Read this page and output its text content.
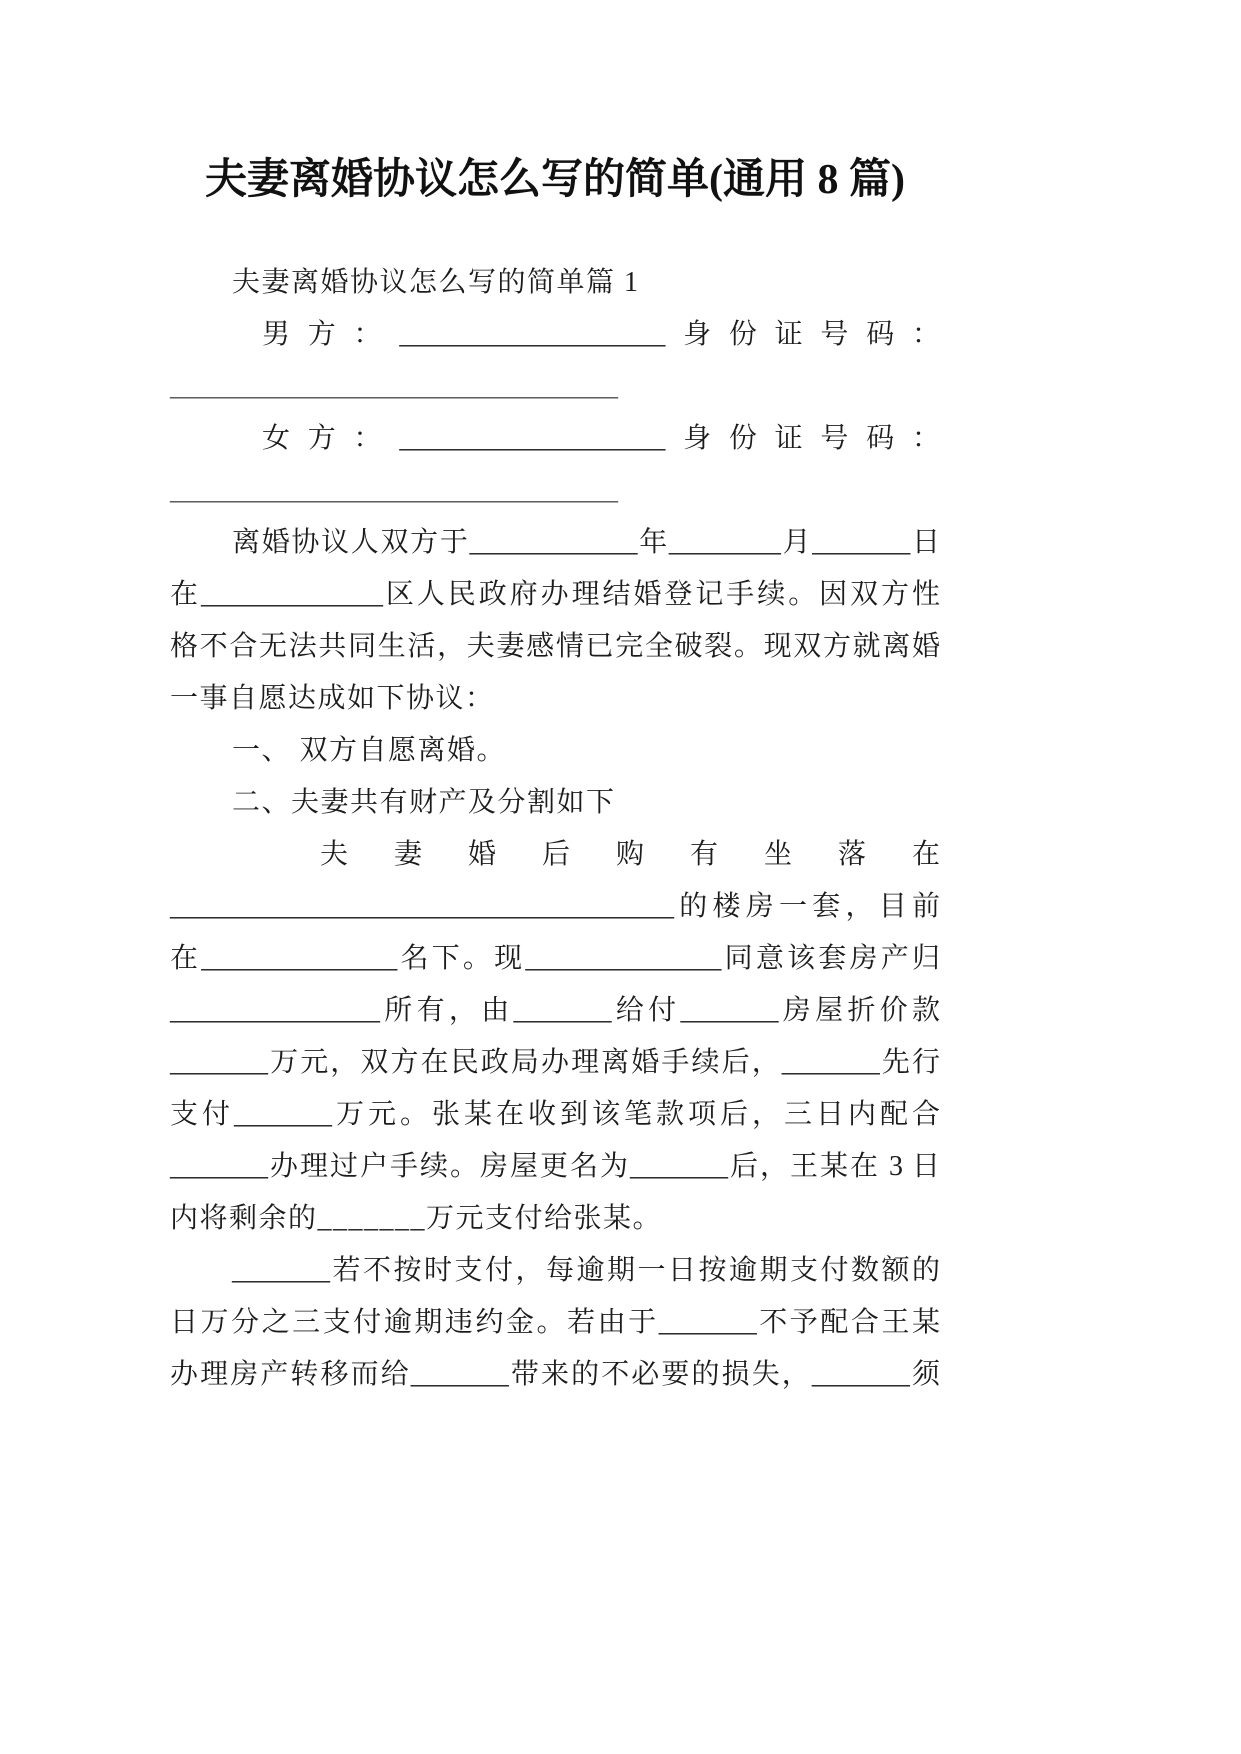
夫妻离婚协议怎么写的简单(通用 8 篇)
夫妻离婚协议怎么写的简单篇 1
男方：___________________身份证号码：
________________________________
女方：___________________身份证号码：
________________________________
离婚协议人双方于____________年________月_______日
在_____________区人民政府办理结婚登记手续。因双方性
格不合无法共同生活，夫妻感情已完全破裂。现双方就离婚
一事自愿达成如下协议：
一、 双方自愿离婚。
二、夫妻共有财产及分割如下
夫妻婚后购有坐落在
____________________________________的楼房一套，目前
在______________名下。现______________同意该套房产归
_______________所有，由_______给付_______房屋折价款
_______万元，双方在民政局办理离婚手续后，_______先行
支付_______万元。张某在收到该笔款项后，三日内配合
_______办理过户手续。房屋更名为_______后，王某在 3 日
内将剩余的_______万元支付给张某。
_______若不按时支付，每逾期一日按逾期支付数额的
日万分之三支付逾期违约金。若由于_______不予配合王某
办理房产转移而给_______带来的不必要的损失，_______须
